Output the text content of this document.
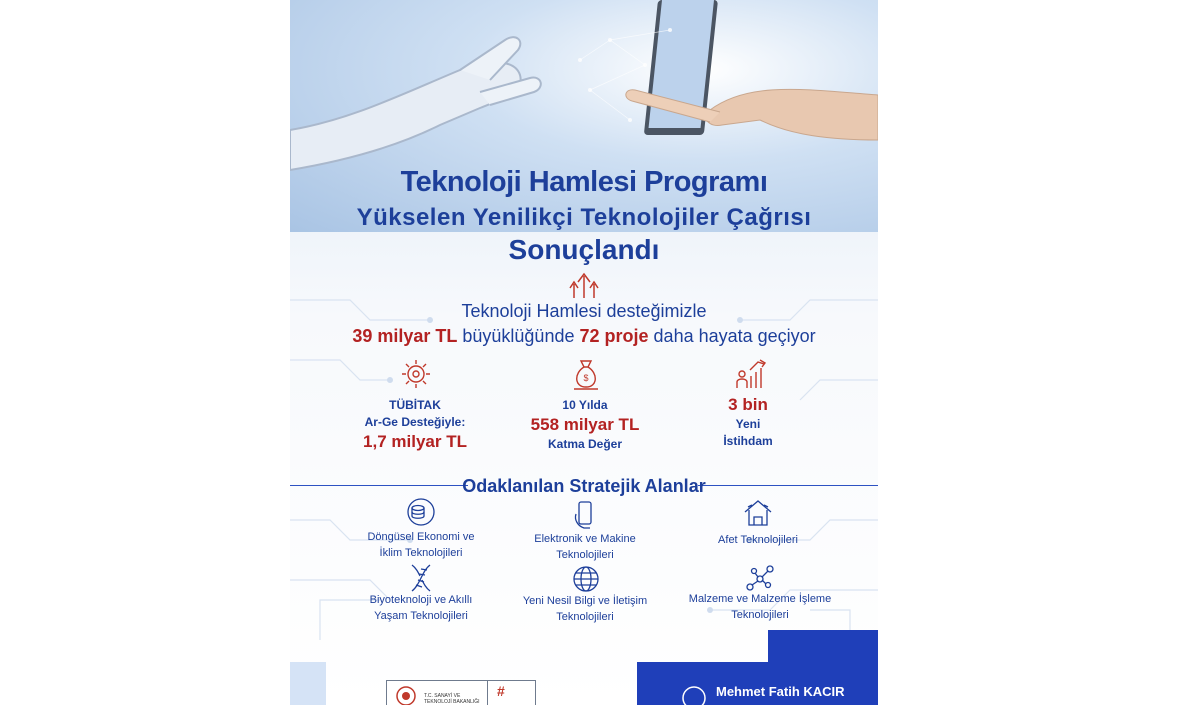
Teknoloji Hamlesi Programı
Yükselen Yenilikçi Teknolojiler Çağrısı
Sonuçlandı
Teknoloji Hamlesi desteğimizle
39 milyar TL büyüklüğünde 72 proje daha hayata geçiyor
TÜBİTAK
Ar-Ge Desteğiyle:
1,7 milyar TL
$
10 Yılda
558 milyar TL
Katma Değer
3 bin
Yeni
İstihdam
Odaklanılan Stratejik Alanlar
Döngüsel Ekonomi ve
İklim Teknolojileri
Elektronik ve Makine
Teknolojileri
Afet Teknolojileri
Biyoteknoloji ve Akıllı
Yaşam Teknolojileri
Yeni Nesil Bilgi ve İletişim
Teknolojileri
Malzeme ve Malzeme İşleme
Teknolojileri
T.C. SANAYİ VE TEKNOLOJİ BAKANLIĞI
#	Mehmet Fatih KACIR
